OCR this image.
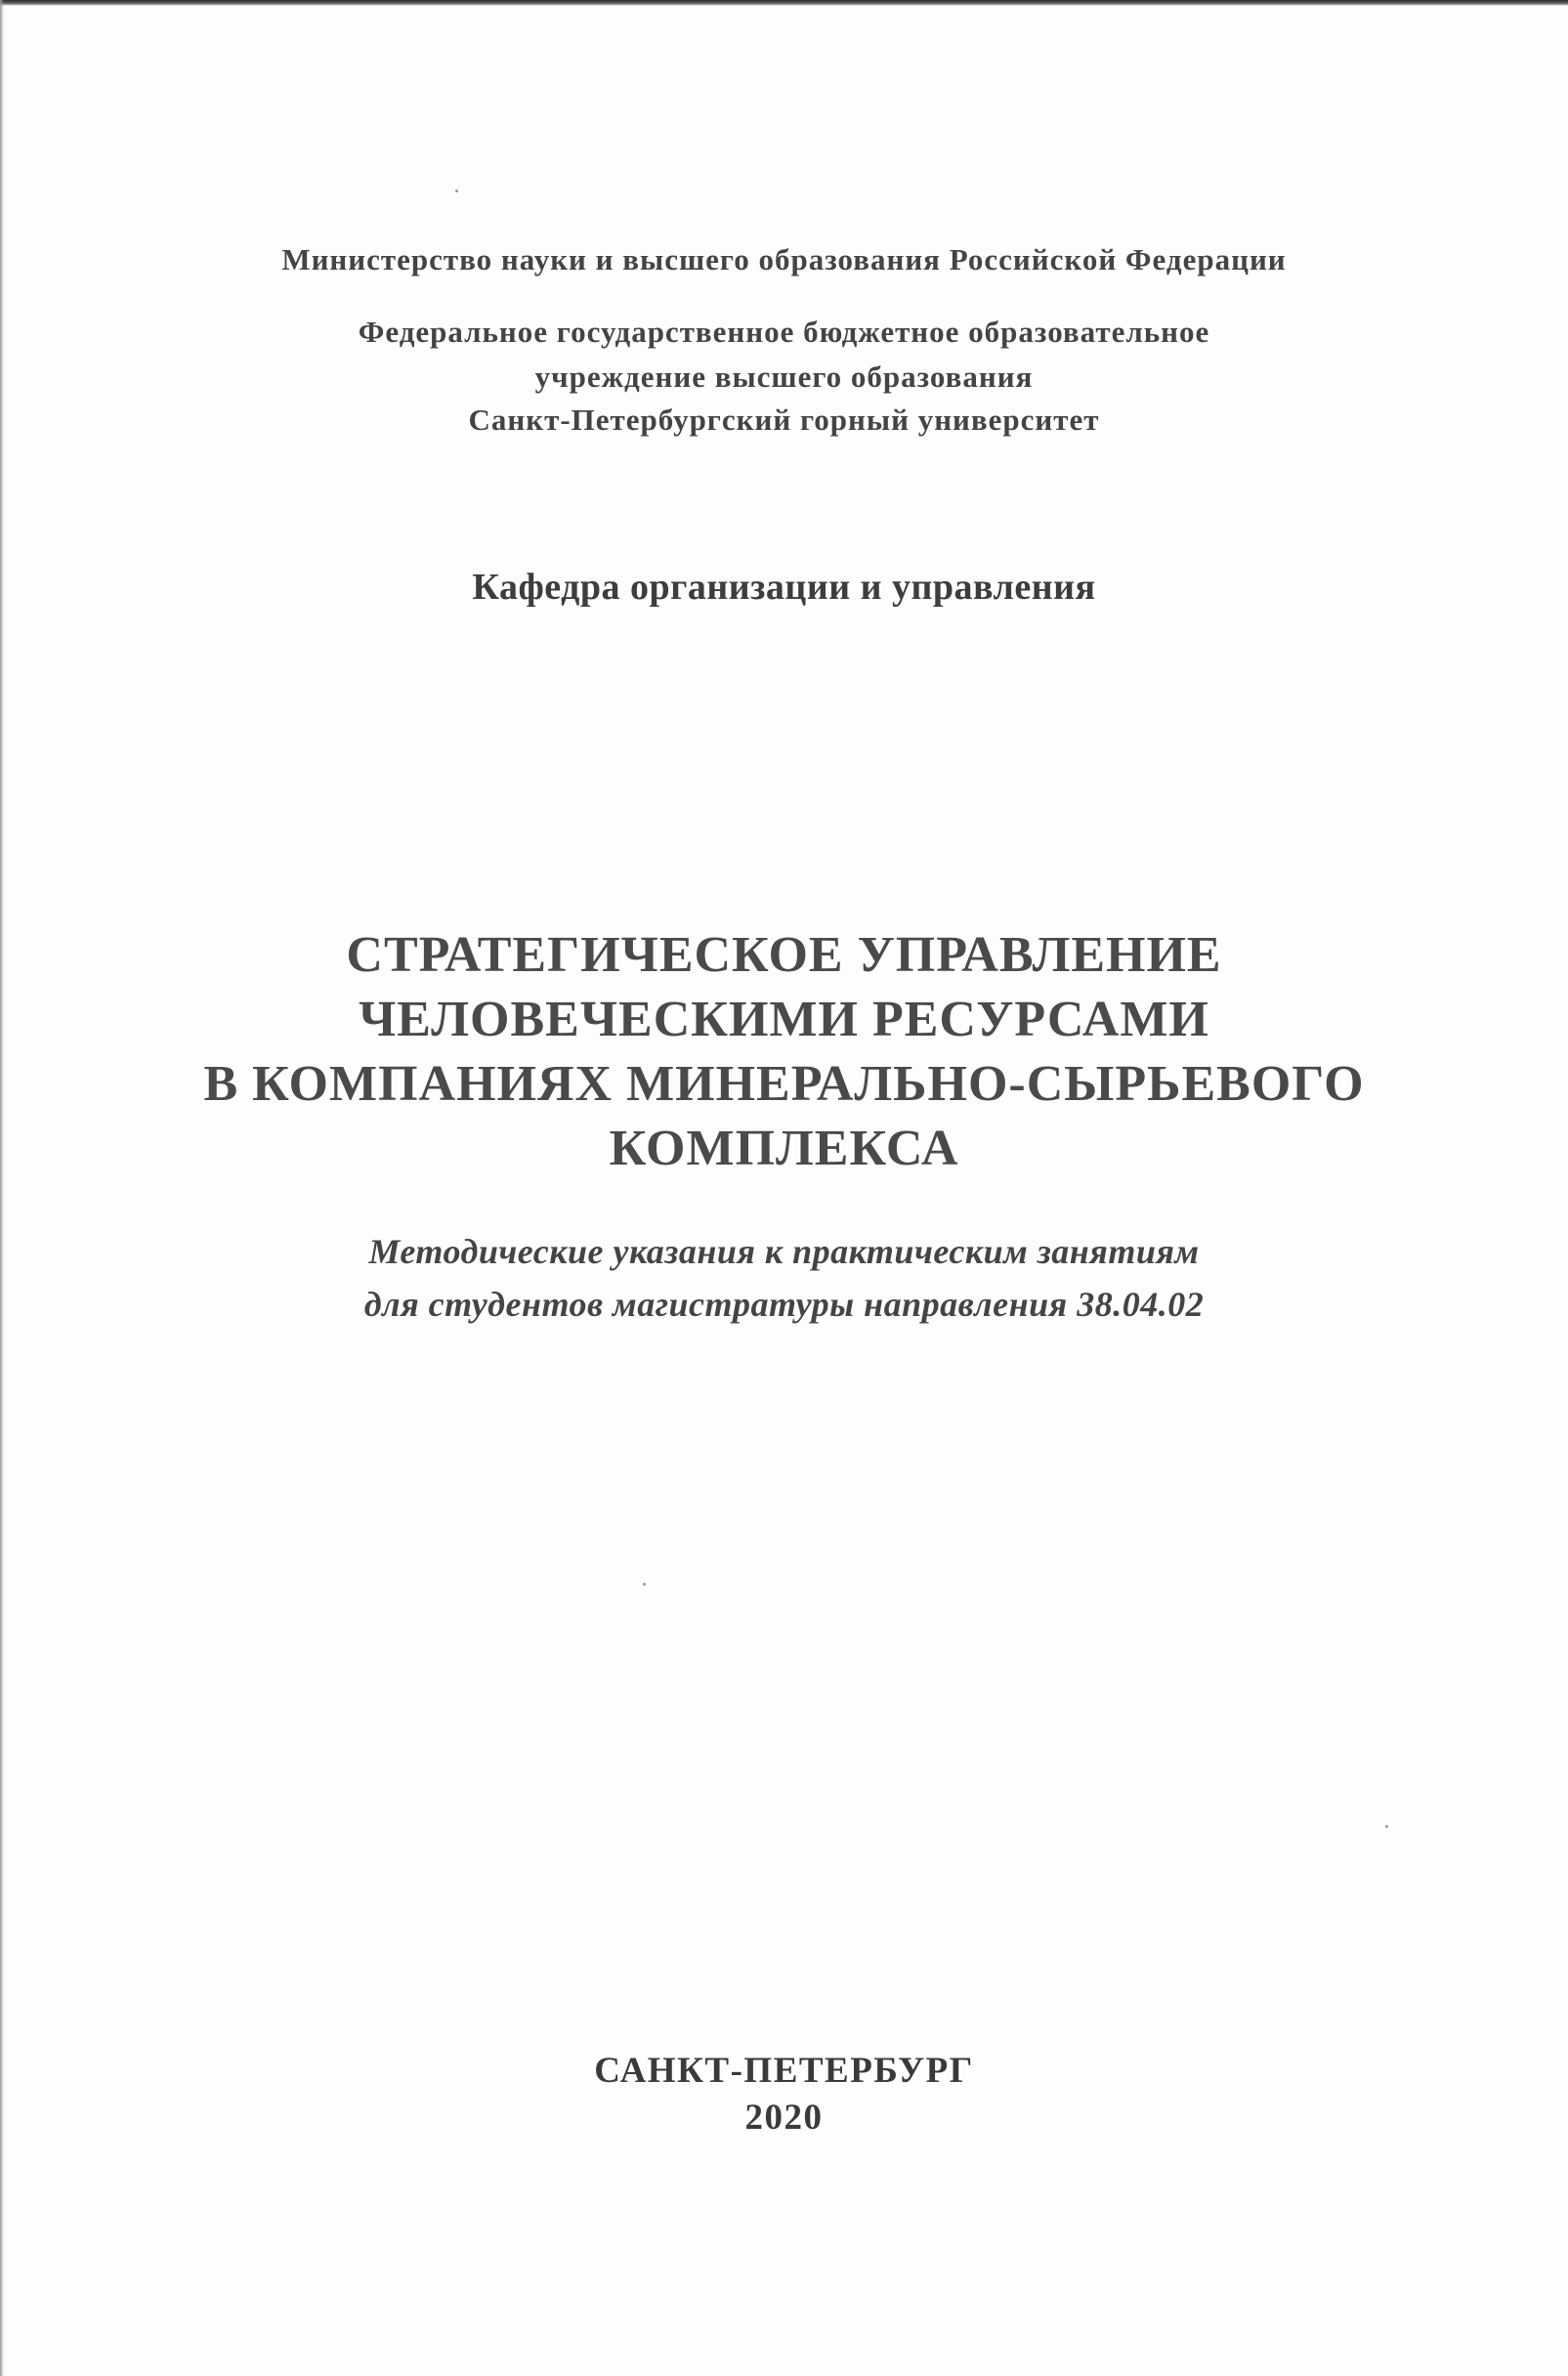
Министерство науки и высшего образования Российской Федерации
Федеральное государственное бюджетное образовательное
учреждение высшего образования
Санкт-Петербургский горный университет
Кафедра организации и управления
СТРАТЕГИЧЕСКОЕ УПРАВЛЕНИЕ
ЧЕЛОВЕЧЕСКИМИ РЕСУРСАМИ
В КОМПАНИЯХ МИНЕРАЛЬНО-СЫРЬЕВОГО
КОМПЛЕКСА
Методические указания к практическим занятиям
для студентов магистратуры направления 38.04.02
САНКТ-ПЕТЕРБУРГ
2020
